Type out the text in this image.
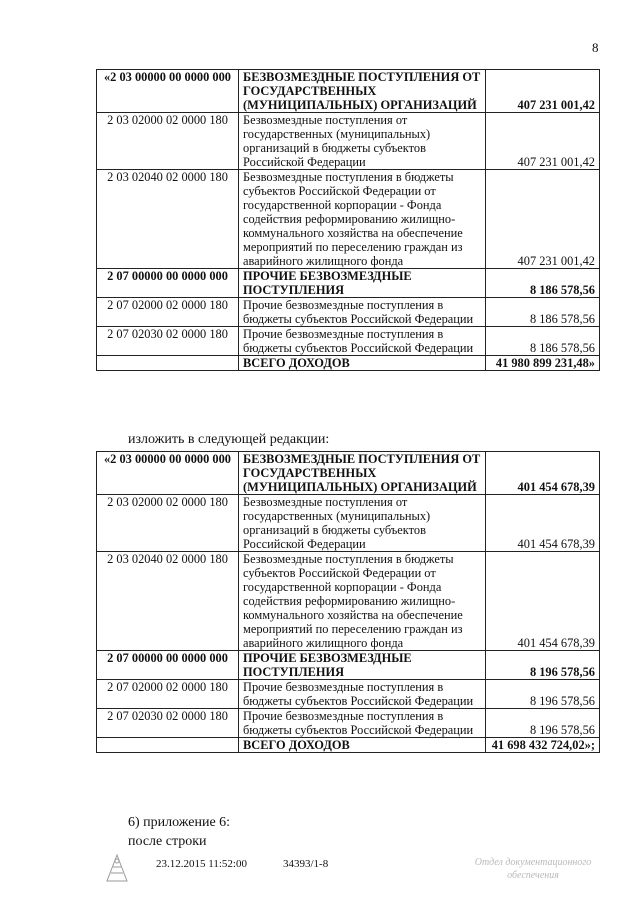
8
«2 03 00000 00 0000 000	БЕЗВОЗМЕЗДНЫЕ ПОСТУПЛЕНИЯ ОТ ГОСУДАРСТВЕННЫХ (МУНИЦИПАЛЬНЫХ) ОРГАНИЗАЦИЙ	407 231 001,42
2 03 02000 02 0000 180	Безвозмездные поступления от государственных (муниципальных) организаций в бюджеты субъектов Российской Федерации	407 231 001,42
2 03 02040 02 0000 180	Безвозмездные поступления в бюджеты субъектов Российской Федерации от государственной корпорации - Фонда содействия реформированию жилищно-коммунального хозяйства на обеспечение мероприятий по переселению граждан из аварийного жилищного фонда	407 231 001,42
2 07 00000 00 0000 000	ПРОЧИЕ БЕЗВОЗМЕЗДНЫЕ ПОСТУПЛЕНИЯ	8 186 578,56
2 07 02000 02 0000 180	Прочие безвозмездные поступления в бюджеты субъектов Российской Федерации	8 186 578,56
2 07 02030 02 0000 180	Прочие безвозмездные поступления в бюджеты субъектов Российской Федерации	8 186 578,56
	ВСЕГО ДОХОДОВ	41 980 899 231,48»
изложить в следующей редакции:
«2 03 00000 00 0000 000	БЕЗВОЗМЕЗДНЫЕ ПОСТУПЛЕНИЯ ОТ ГОСУДАРСТВЕННЫХ (МУНИЦИПАЛЬНЫХ) ОРГАНИЗАЦИЙ	401 454 678,39
2 03 02000 02 0000 180	Безвозмездные поступления от государственных (муниципальных) организаций в бюджеты субъектов Российской Федерации	401 454 678,39
2 03 02040 02 0000 180	Безвозмездные поступления в бюджеты субъектов Российской Федерации от государственной корпорации - Фонда содействия реформированию жилищно-коммунального хозяйства на обеспечение мероприятий по переселению граждан из аварийного жилищного фонда	401 454 678,39
2 07 00000 00 0000 000	ПРОЧИЕ БЕЗВОЗМЕЗДНЫЕ ПОСТУПЛЕНИЯ	8 196 578,56
2 07 02000 02 0000 180	Прочие безвозмездные поступления в бюджеты субъектов Российской Федерации	8 196 578,56
2 07 02030 02 0000 180	Прочие безвозмездные поступления в бюджеты субъектов Российской Федерации	8 196 578,56
	ВСЕГО ДОХОДОВ	41 698 432 724,02»;
6) приложение 6:
после строки
23.12.2015 11:52:00	34393/1-8	Отдел документационного
обеспечения
